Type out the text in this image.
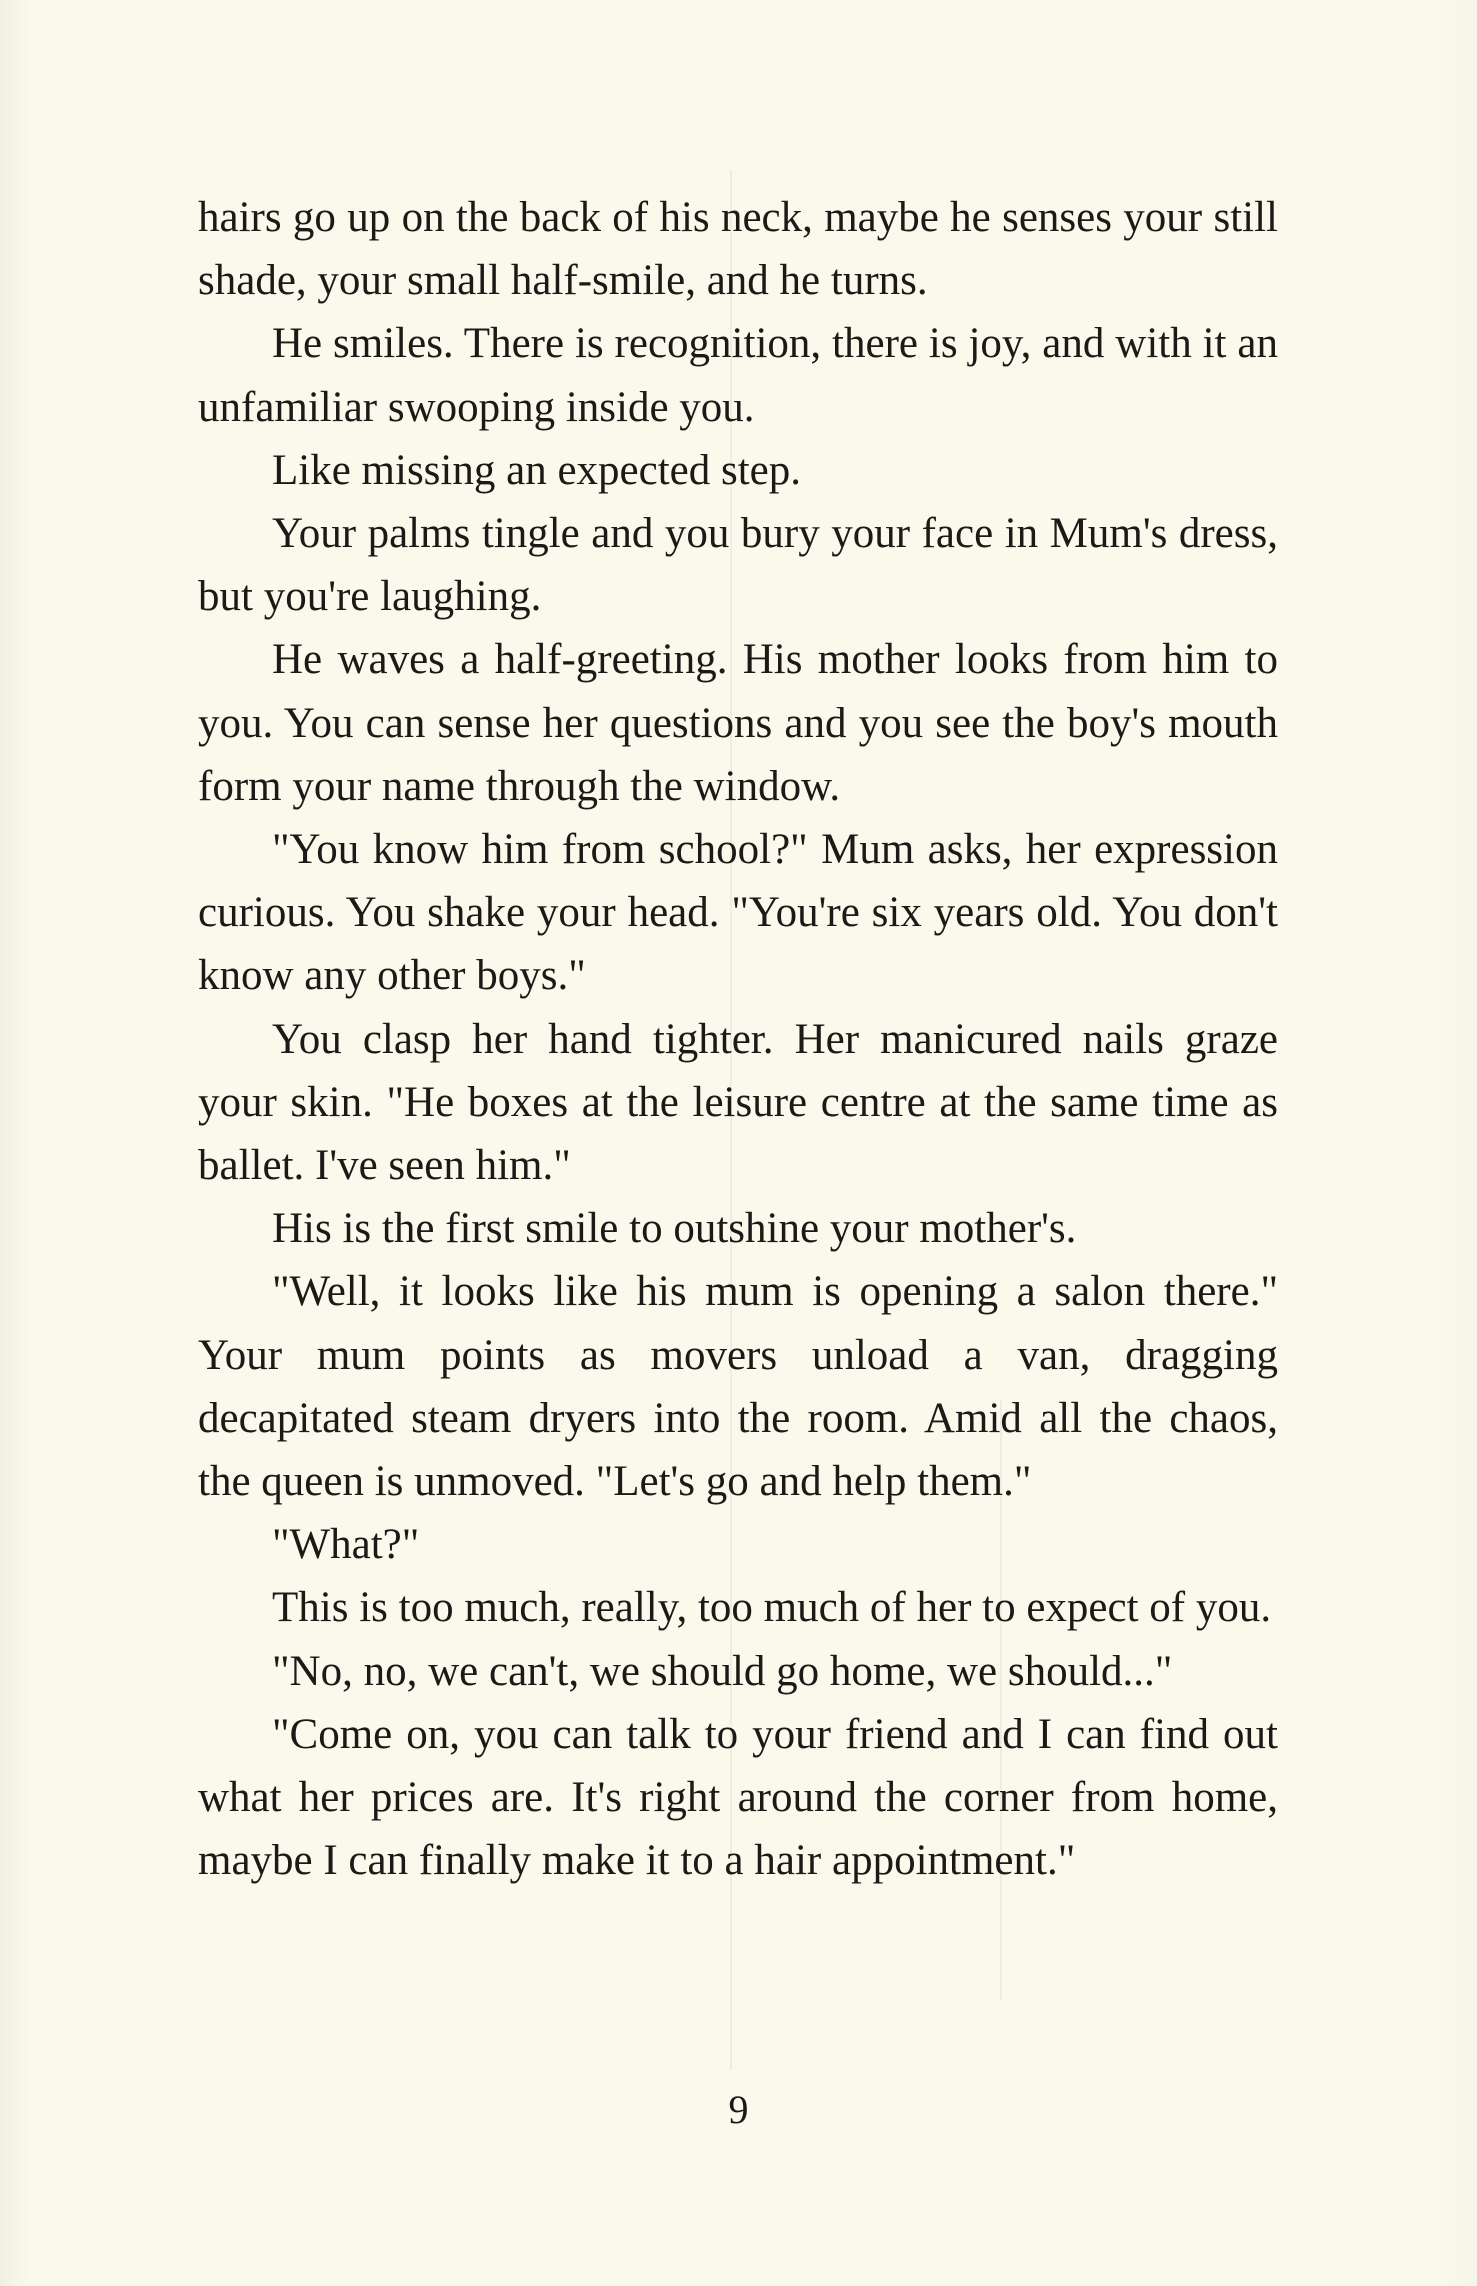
hairs go up on the back of his neck, maybe he senses your still shade, your small half-smile, and he turns.

He smiles. There is recognition, there is joy, and with it an unfamiliar swooping inside you.

Like missing an expected step.

Your palms tingle and you bury your face in Mum's dress, but you're laughing.

He waves a half-greeting. His mother looks from him to you. You can sense her questions and you see the boy's mouth form your name through the window.

"You know him from school?" Mum asks, her expression curious. You shake your head. "You're six years old. You don't know any other boys."

You clasp her hand tighter. Her manicured nails graze your skin. "He boxes at the leisure centre at the same time as ballet. I've seen him."

His is the first smile to outshine your mother's.

"Well, it looks like his mum is opening a salon there." Your mum points as movers unload a van, dragging decapitated steam dryers into the room. Amid all the chaos, the queen is unmoved. "Let's go and help them."

"What?"

This is too much, really, too much of her to expect of you.

"No, no, we can't, we should go home, we should..."

"Come on, you can talk to your friend and I can find out what her prices are. It's right around the corner from home, maybe I can finally make it to a hair appointment."

9
